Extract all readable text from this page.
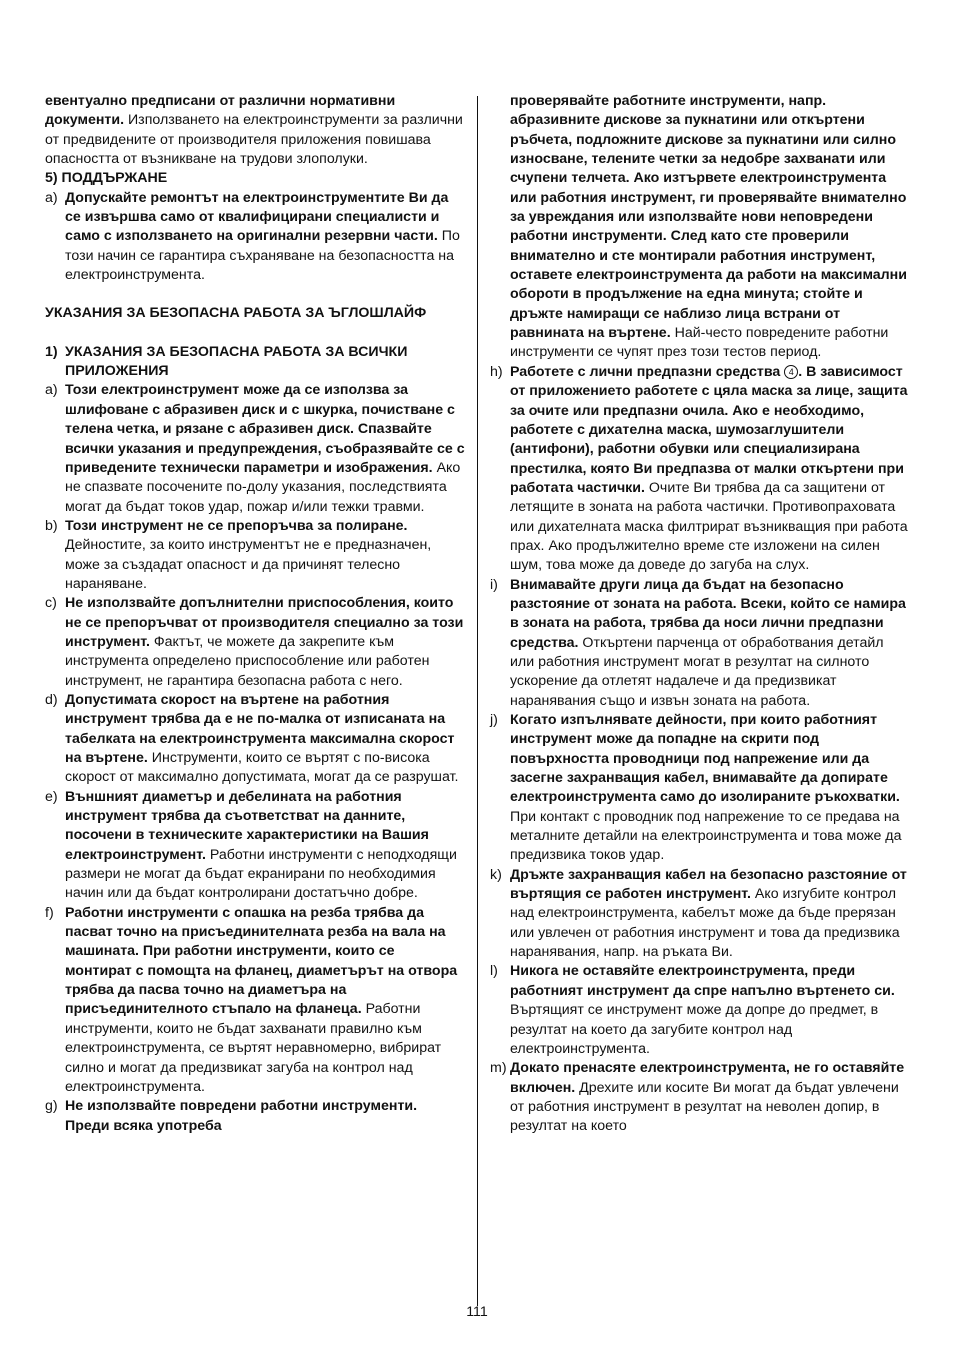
евентуално предписани от различни нормативни документи. Използването на електроинструменти за различни от предвидените от производителя приложения повишава опасността от възникване на трудови злополуки.

5) ПОДДЪРЖАНЕ

a) Допускайте ремонтът на електроинструментите Ви да се извършва само от квалифицирани специалисти и само с използването на оригинални резервни части. По този начин се гарантира съхраняване на безопасността на електроинструмента.

УКАЗАНИЯ ЗА БЕЗОПАСНА РАБОТА ЗА ЪГЛОШЛАЙФ

1) УКАЗАНИЯ ЗА БЕЗОПАСНА РАБОТА ЗА ВСИЧКИ ПРИЛОЖЕНИЯ
a) Този електроинструмент може да се използва за шлифоване с абразивен диск и с шкурка, почистване с телена четка, и рязане с абразивен диск. Спазвайте всички указания и предупреждения, съобразявайте се с приведените технически параметри и изображения. Ако не спазвате посочените по-долу указания, последствията могат да бъдат токов удар, пожар и/или тежки травми.
b) Този инструмент не се препоръчва за полиране. Дейностите, за които инструментът не е предназначен, може за създадат опасност и да причинят телесно нараняване.
c) Не използвайте допълнителни приспособления, които не се препоръчват от производителя специално за този инструмент. Фактът, че можете да закрепите към инструмента определено приспособление или работен инструмент, не гарантира безопасна работа с него.
d) Допустимата скорост на въртене на работния инструмент трябва да е не по-малка от изписаната на табелката на електроинструмента максимална скорост на въртене. Инструменти, които се въртят с по-висока скорост от максимално допустимата, могат да се разрушат.
e) Външният диаметър и дебелината на работния инструмент трябва да съответстват на данните, посочени в техническите характеристики на Вашия електроинструмент. Работни инструменти с неподходящи размери не могат да бъдат екранирани по необходимия начин или да бъдат контролирани достатъчно добре.
f) Работни инструменти с опашка на резба трябва да пасват точно на присъединителната резба на вала на машината. При работни инструменти, които се монтират с помощта на фланец, диаметърът на отвора трябва да пасва точно на диаметъра на присъединителното стъпало на фланеца. Работни инструменти, които не бъдат захванати правилно към електроинструмента, се въртят неравномерно, вибрират силно и могат да предизвикат загуба на контрол над електроинструмента.
g) Не използвайте повредени работни инструменти. Преди всяка употреба
проверявайте работните инструменти, напр. абразивните дискове за пукнатини или откъртени ръбчета, подложните дискове за пукнатини или силно износване, телените четки за недобре захванати или счупени телчета. Ако изтървете електроинструмента или работния инструмент, ги проверявайте внимателно за увреждания или използвайте нови неповредени работни инструменти. След като сте проверили внимателно и сте монтирали работния инструмент, оставете електроинструмента да работи на максимални обороти в продължение на една минута; стойте и дръжте намиращи се наблизо лица встрани от равнината на въртене. Най-често повредените работни инструменти се чупят през този тестов период.
h) Работете с лични предпазни средства 4 . В зависимост от приложението работете с цяла маска за лице, защита за очите или предпазни очила. Ако е необходимо, работете с дихателна маска, шумозаглушители (антифони), работни обувки или специализирана престилка, която Ви предпазва от малки откъртени при работата частички. Очите Ви трябва да са защитени от летящите в зоната на работа частички. Противопраховата или дихателната маска филтрират възникващия при работа прах. Ако продължително време сте изложени на силен шум, това може да доведе до загуба на слух.
i) Внимавайте други лица да бъдат на безопасно разстояние от зоната на работа. Всеки, който се намира в зоната на работа, трябва да носи лични предпазни средства. Откъртени парченца от обработвания детайл или работния инструмент могат в резултат на силното ускорение да отлетят надалече и да предизвикат наранявания също и извън зоната на работа.
j) Когато изпълнявате дейности, при които работният инструмент може да попадне на скрити под повърхността проводници под напрежение или да засегне захранващия кабел, внимавайте да допирате електроинструмента само до изолираните ръкохватки. При контакт с проводник под напрежение то се предава на металните детайли на електроинструмента и това може да предизвика токов удар.
k) Дръжте захранващия кабел на безопасно разстояние от въртящия се работен инструмент. Ако изгубите контрол над електроинструмента, кабелът може да бъде прерязан или увлечен от работния инструмент и това да предизвика наранявания, напр. на ръката Ви.
l) Никога не оставяйте електроинструмента, преди работният инструмент да спре напълно въртенето си. Въртящият се инструмент може да допре до предмет, в резултат на което да загубите контрол над електроинструмента.
m) Докато пренасяте електроинструмента, не го оставяйте включен. Дрехите или косите Ви могат да бъдат увлечени от работния инструмент в резултат на неволен допир, в резултат на което
111
